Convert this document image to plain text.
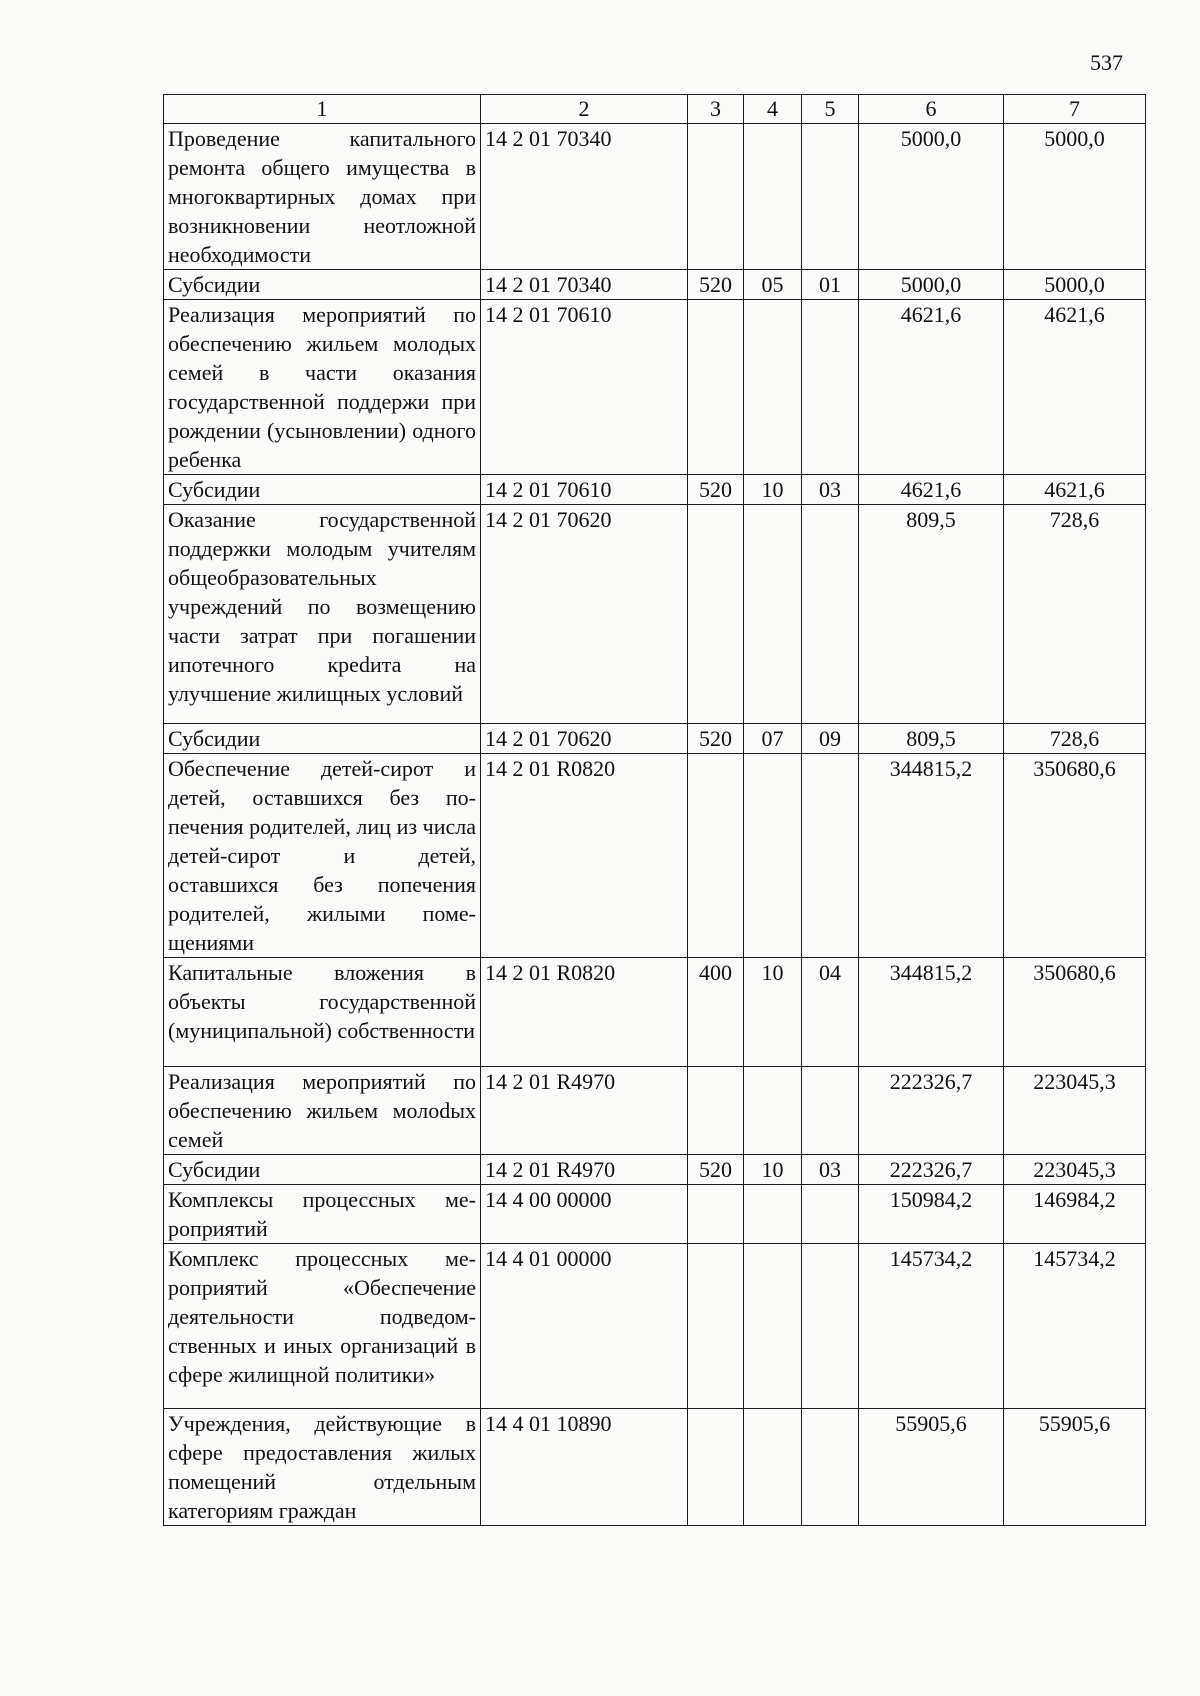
537
1	2	3	4	5	6	7
Проведение капитального ремонта общего имущества в многоквартирных домах при возникновении неотложной необходимости	14 2 01 70340				5000,0	5000,0
Субсидии	14 2 01 70340	520	05	01	5000,0	5000,0
Реализация мероприятий по обеспечению жильем молодых семей в части оказания государственной поддержи при рождении (усыновлении) одного ребенка	14 2 01 70610				4621,6	4621,6
Субсидии	14 2 01 70610	520	10	03	4621,6	4621,6
Оказание государственной поддержки молодым учителям общеобразовательных учреждений по возмещению части затрат при погашении ипотечного креdита на улучшение жилищных условий	14 2 01 70620				809,5	728,6
Субсидии	14 2 01 70620	520	07	09	809,5	728,6
Обеспечение детей-сирот и детей, оставшихся без попечения родителей, лиц из числа детей-сирот и детей, оставшихся без попечения родителей, жилыми помещениями	14 2 01 R0820				344815,2	350680,6
Капитальные вложения в объекты государственной (муниципальной) собственности	14 2 01 R0820	400	10	04	344815,2	350680,6
Реализация мероприятий по обеспечению жильем молоdых семей	14 2 01 R4970				222326,7	223045,3
Субсидии	14 2 01 R4970	520	10	03	222326,7	223045,3
Комплексы процессных мероприятий	14 4 00 00000				150984,2	146984,2
Комплекс процессных мероприятий «Обеспечение деятельности подведомственных и иных организаций в сфере жилищной политики»	14 4 01 00000				145734,2	145734,2
Учреждения, действующие в сфере предоставления жилых помещений отдельным категориям граждан	14 4 01 10890				55905,6	55905,6
